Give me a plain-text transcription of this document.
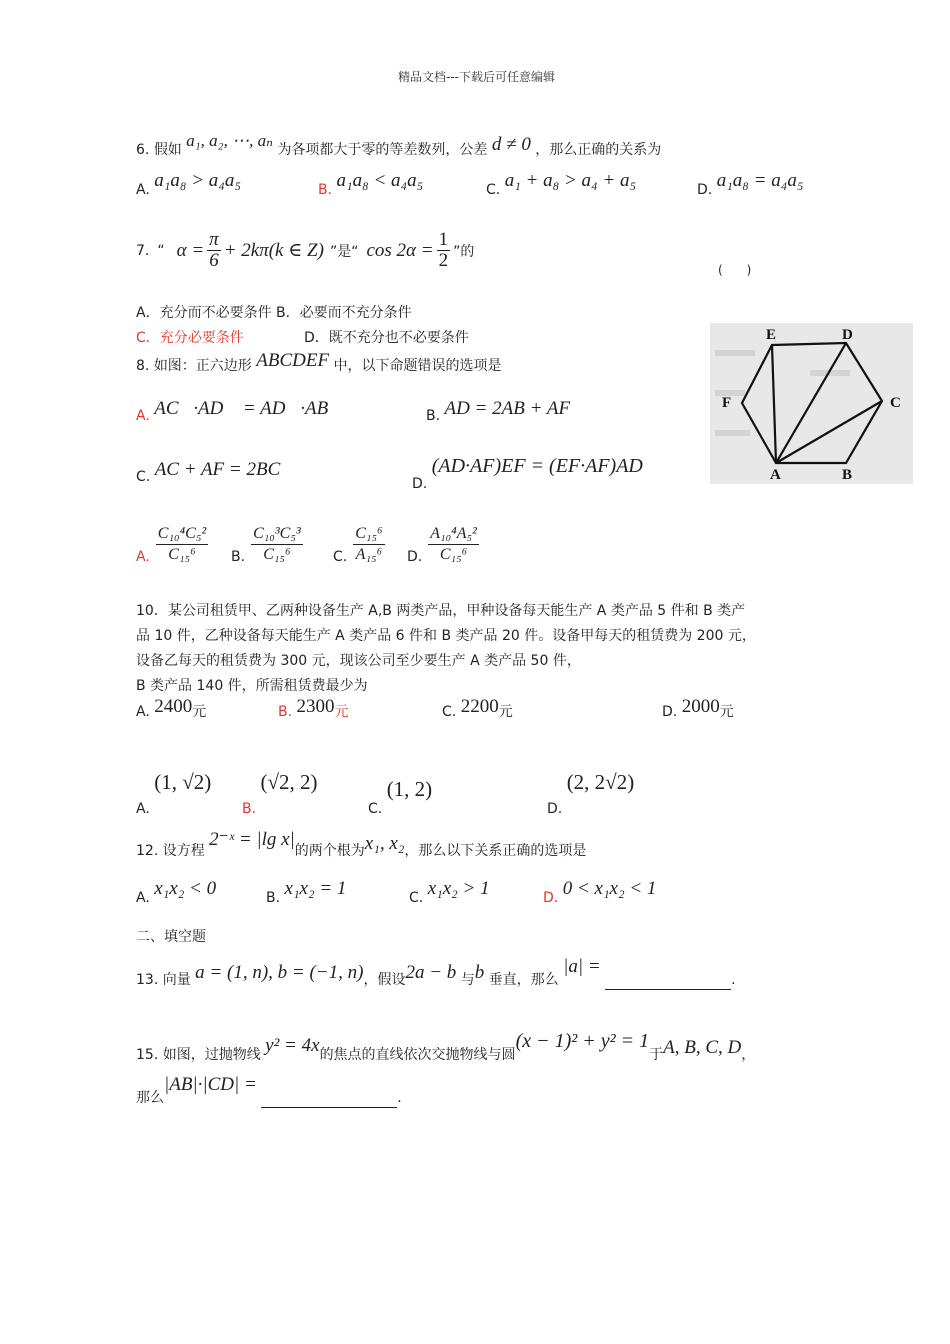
精品文档---下载后可任意编辑
6. 假如 a₁, a₂, ⋯, aₙ 为各项都大于零的等差数列，公差 d ≠ 0 ，那么正确的关系为
A. a₁a₈ > a₄a₅	B. a₁a₈ < a₄a₅	C. a₁ + a₈ > a₄ + a₅	D. a₁a₈ = a₄a₅
7. “ $\alpha = \frac{\pi}{6} + 2k\pi(k$ ∈ Z) ”是“ $\cos 2\alpha = \frac{1}{2}$ ”的
(　　)
A．充分而不必要条件 B．必要而不充分条件
C．充分必要条件	D．既不充分也不必要条件
8. 如图：正六边形 ABCDEF 中，以下命题错误的选项是
A. AC⃗·AD⃗ = AD⃗·AB⃗	B. AD = 2AB + AF
C. AC + AF = 2BC
D. (AD·AF)EF = (EF·AF)AD
E	D
F	C
A	B
A. $\frac{\text{C₁₀⁴C₅²}}{\text{C₁₅⁶}} B$. $\frac{\text{C₁₀³C₅³}}{\text{C₁₅⁶}} C$. $\frac{\text{C₁₅⁶}}{\text{A₁₅⁶}} D$. $\frac{\text{A₁₀⁴A₅²}}{\text{C₁₅⁶}}$
10．某公司租赁甲、乙两种设备生产 A,B 两类产品，甲种设备每天能生产 A 类产品 5 件和 B 类产
品 10 件，乙种设备每天能生产 A 类产品 6 件和 B 类产品 20 件。设备甲每天的租赁费为 200 元，
设备乙每天的租赁费为 300 元，现该公司至少要生产 A 类产品 50 件，
B 类产品 140 件，所需租赁费最少为
A. 2400元	B. 2300元	C. 2200元	D. 2000元
A. (1, √2)
B. (√2, 2)
C. (1, 2)
D. (2, 2√2)
12. 设方程 2⁻ˣ = |lg x|的两个根为x₁, x₂，那么以下关系正确的选项是
A. x₁x₂ < 0	B. x₁x₂ = 1	C. x₁x₂ > 1	D. 0 < x₁x₂ < 1
二、填空题
13. 向量 a = (1, n), b = (−1, n)，假设2a − b 与b 垂直，那么 |a| = .
15. 如图，过抛物线 y² = 4x的焦点的直线依次交抛物线与圆(x − 1)² + y² = 1于A, B, C, D，
那么|AB|·|CD| = .
